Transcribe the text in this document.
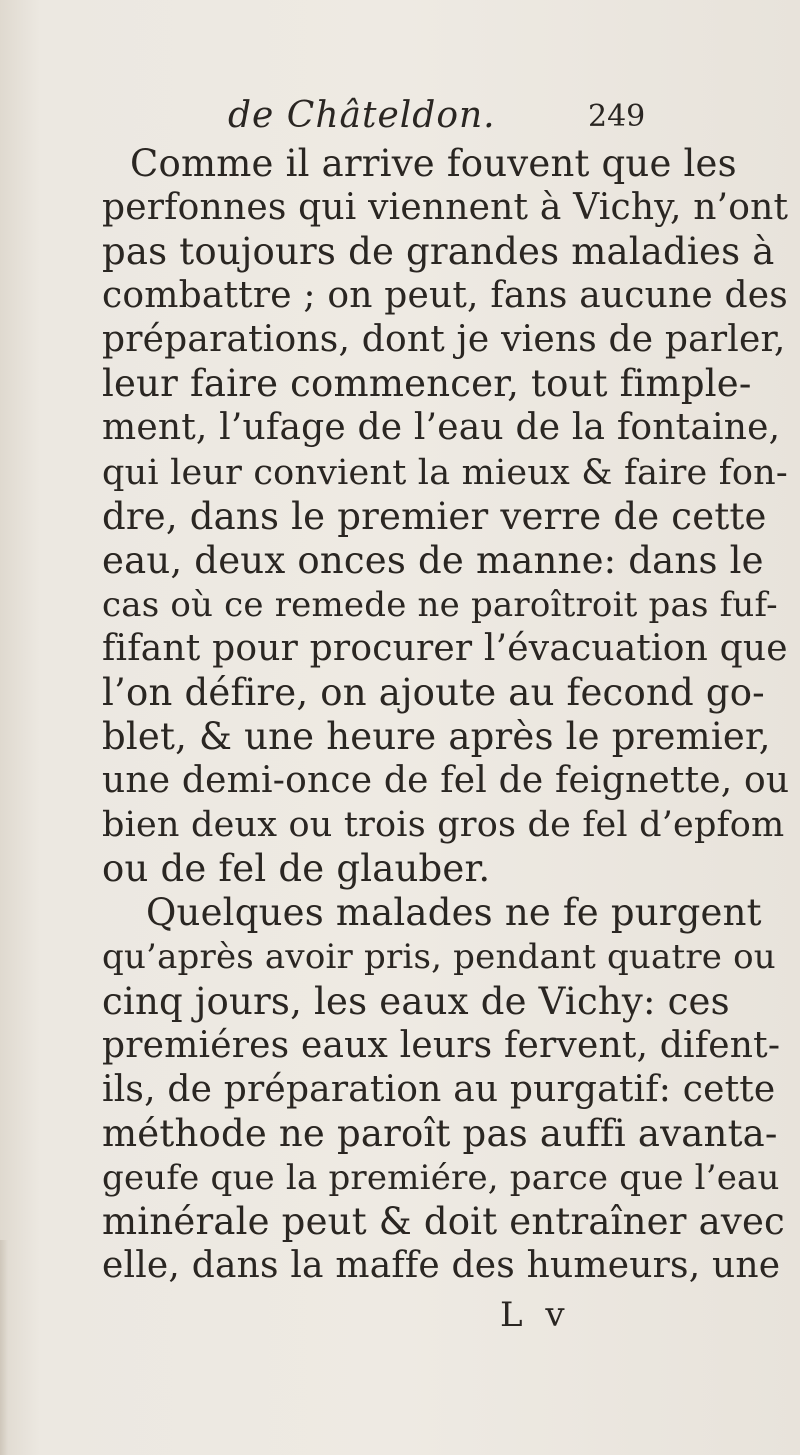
de Châteldon.	249
Comme il arrive fouvent que les
perfonnes qui viennent à Vichy, n’ont
pas toujours de grandes maladies à
combattre ; on peut, fans aucune des
préparations, dont je viens de parler,
leur faire commencer, tout fimple-
ment, l’ufage de l’eau de la fontaine,
qui leur convient la mieux & faire fon-
dre, dans le premier verre de cette
eau, deux onces de manne: dans le
cas où ce remede ne paroîtroit pas fuf-
fifant pour procurer l’évacuation que
l’on défire, on ajoute au fecond go-
blet, & une heure après le premier,
une demi-once de fel de feignette, ou
bien deux ou trois gros de fel d’epfom
ou de fel de glauber.
Quelques malades ne fe purgent
qu’après avoir pris, pendant quatre ou
cinq jours, les eaux de Vichy: ces
premiéres eaux leurs fervent, difent-
ils, de préparation au purgatif: cette
méthode ne paroît pas auffi avanta-
geufe que la premiére, parce que l’eau
minérale peut & doit entraîner avec
elle, dans la maffe des humeurs, une
L v
